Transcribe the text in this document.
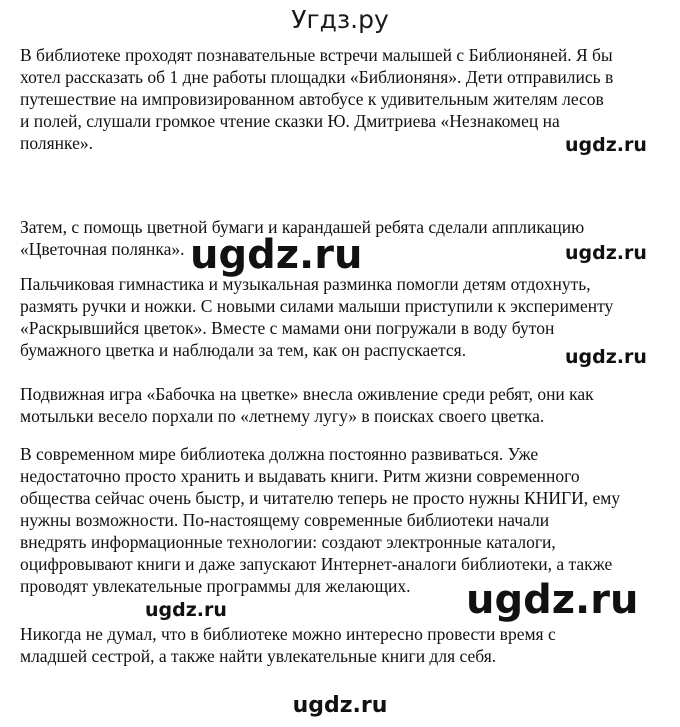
Угдз.ру

В библиотеке проходят познавательные встречи малышей с Библионяней. Я бы
хотел рассказать об 1 дне работы площадки «Библионяня». Дети отправились в
путешествие на импровизированном автобусе к удивительным жителям лесов
и полей, слушали громкое чтение сказки Ю. Дмитриева «Незнакомец на
полянке».

Затем, с помощь цветной бумаги и карандашей ребята сделали аппликацию
«Цветочная полянка».

Пальчиковая гимнастика и музыкальная разминка помогли детям отдохнуть,
размять ручки и ножки. С новыми силами малыши приступили к эксперименту
«Раскрывшийся цветок». Вместе с мамами они погружали в воду бутон
бумажного цветка и наблюдали за тем, как он распускается.

Подвижная игра «Бабочка на цветке» внесла оживление среди ребят, они как
мотыльки весело порхали по «летнему лугу» в поисках своего цветка.

В современном мире библиотека должна постоянно развиваться. Уже
недостаточно просто хранить и выдавать книги. Ритм жизни современного
общества сейчас очень быстр, и читателю теперь не просто нужны КНИГИ, ему
нужны возможности. По-настоящему современные библиотеки начали
внедрять информационные технологии: создают электронные каталоги,
оцифровывают книги и даже запускают Интернет-аналоги библиотеки, а также
проводят увлекательные программы для желающих.

Никогда не думал, что в библиотеке можно интересно провести время с
младшей сестрой, а также найти увлекательные книги для себя.

ugdz.ru
ugdz.ru
ugdz.ru
ugdz.ru
ugdz.ru
ugdz.ru
ugdz.ru
